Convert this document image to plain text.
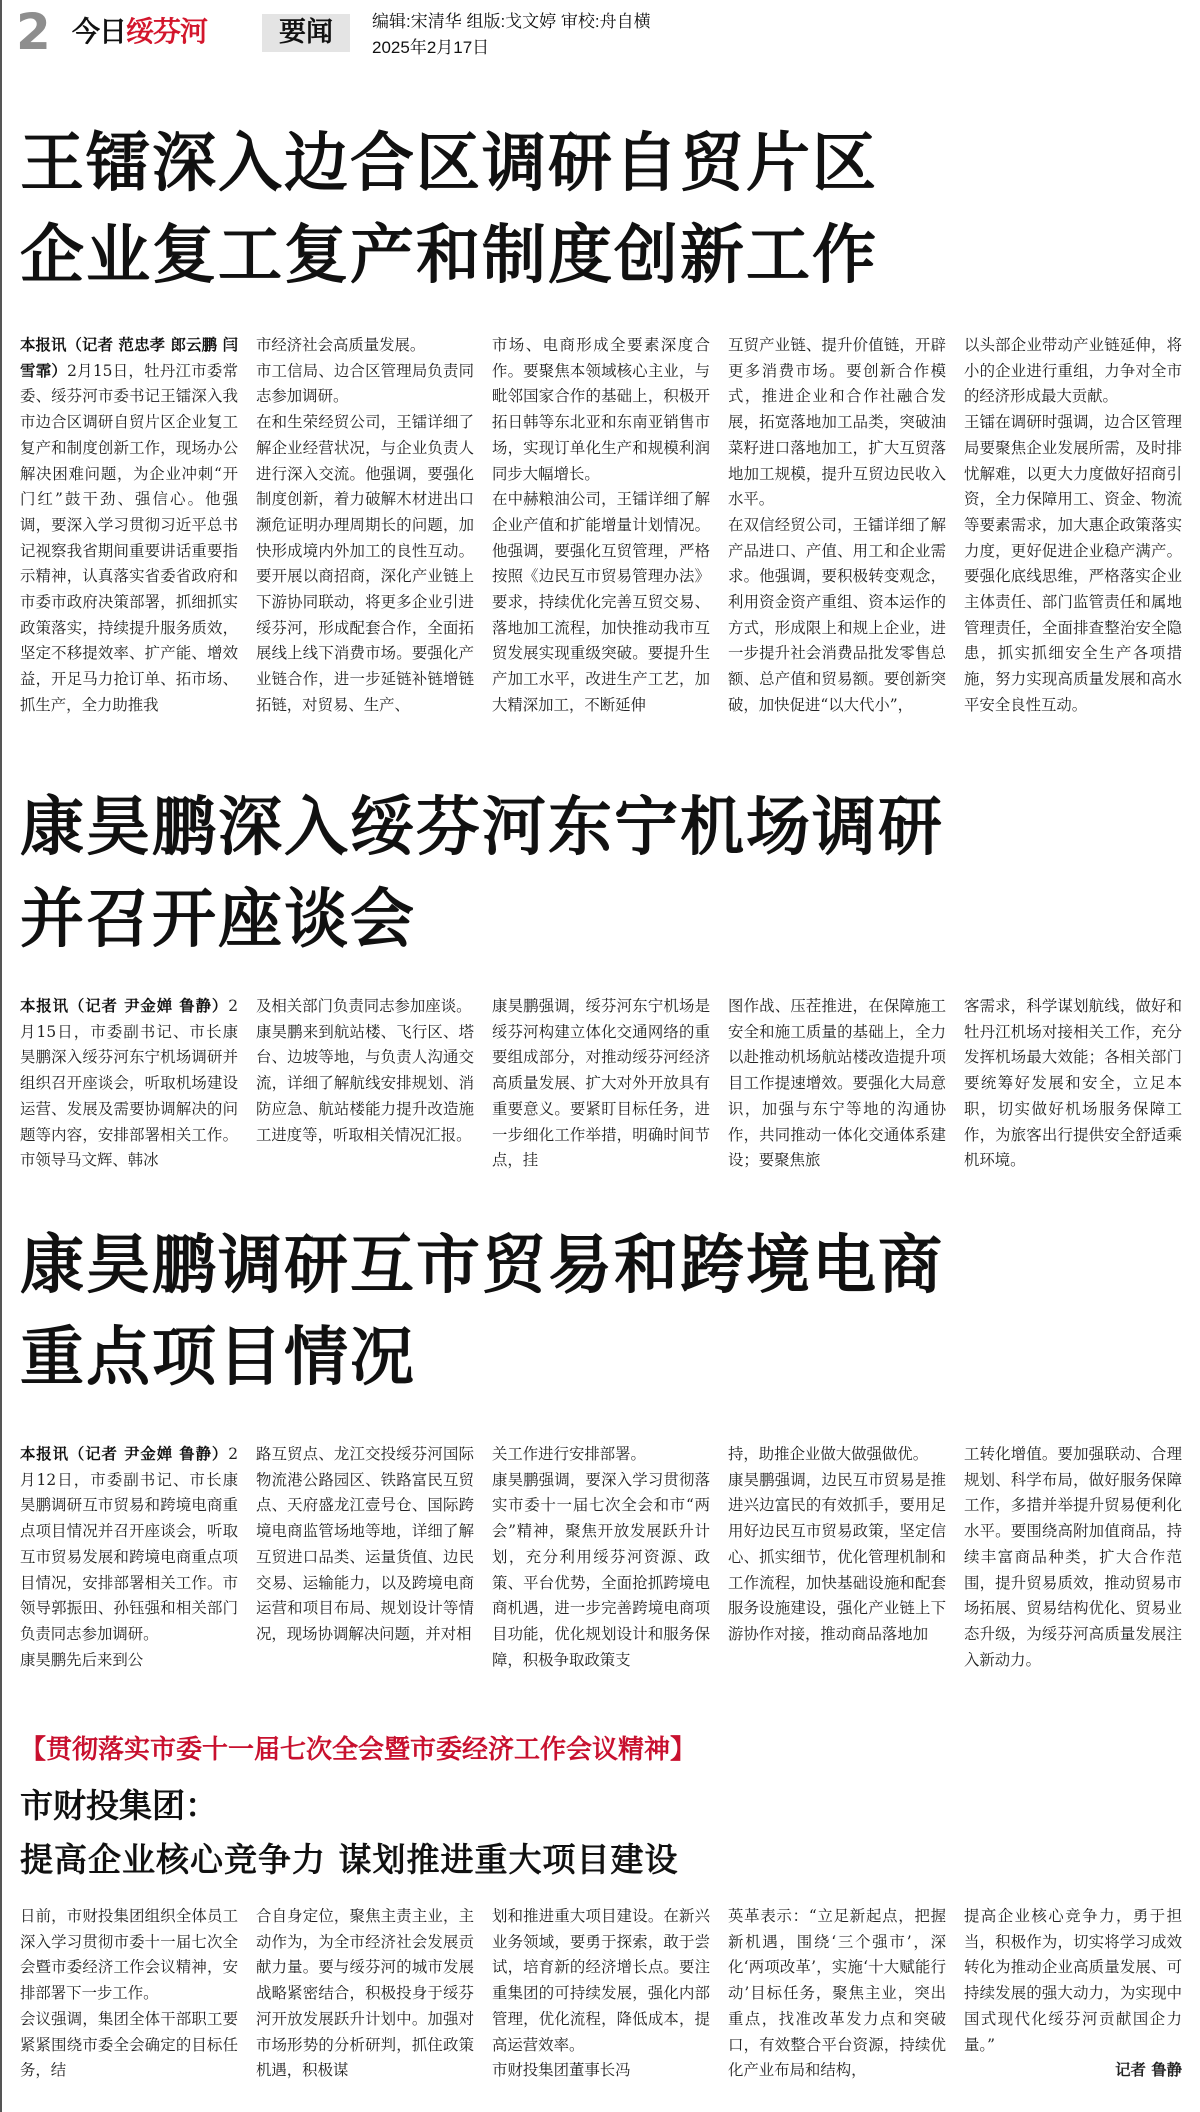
2 今日绥芬河	要闻	编辑:宋清华 组版:戈文婷 审校:舟自横
2025年2月17日
王镭深入边合区调研自贸片区
企业复工复产和制度创新工作

本报讯（记者 范忠孝 郎云鹏 闫雪霏）2月15日，牡丹江市委常委、绥芬河市委书记王镭深入我市边合区调研自贸片区企业复工复产和制度创新工作，现场办公解决困难问题，为企业冲刺“开门红”鼓干劲、强信心。他强调，要深入学习贯彻习近平总书记视察我省期间重要讲话重要指示精神，认真落实省委省政府和市委市政府决策部署，抓细抓实政策落实，持续提升服务质效，坚定不移提效率、扩产能、增效益，开足马力抢订单、拓市场、抓生产，全力助推我

市经济社会高质量发展。

市工信局、边合区管理局负责同志参加调研。

在和生荣经贸公司，王镭详细了解企业经营状况，与企业负责人进行深入交流。他强调，要强化制度创新，着力破解木材进出口濒危证明办理周期长的问题，加快形成境内外加工的良性互动。要开展以商招商，深化产业链上下游协同联动，将更多企业引进绥芬河，形成配套合作，全面拓展线上线下消费市场。要强化产业链合作，进一步延链补链增链拓链，对贸易、生产、

市场、电商形成全要素深度合作。要聚焦本领域核心主业，与毗邻国家合作的基础上，积极开拓日韩等东北亚和东南亚销售市场，实现订单化生产和规模利润同步大幅增长。

在中赫粮油公司，王镭详细了解企业产值和扩能增量计划情况。他强调，要强化互贸管理，严格按照《边民互市贸易管理办法》要求，持续优化完善互贸交易、落地加工流程，加快推动我市互贸发展实现重级突破。要提升生产加工水平，改进生产工艺，加大精深加工，不断延伸

互贸产业链、提升价值链，开辟更多消费市场。要创新合作模式，推进企业和合作社融合发展，拓宽落地加工品类，突破油菜籽进口落地加工，扩大互贸落地加工规模，提升互贸边民收入水平。

在双信经贸公司，王镭详细了解产品进口、产值、用工和企业需求。他强调，要积极转变观念，利用资金资产重组、资本运作的方式，形成限上和规上企业，进一步提升社会消费品批发零售总额、总产值和贸易额。要创新突破，加快促进“以大代小”，

以头部企业带动产业链延伸，将小的企业进行重组，力争对全市的经济形成最大贡献。

王镭在调研时强调，边合区管理局要聚焦企业发展所需，及时排忧解难，以更大力度做好招商引资，全力保障用工、资金、物流等要素需求，加大惠企政策落实力度，更好促进企业稳产满产。要强化底线思维，严格落实企业主体责任、部门监管责任和属地管理责任，全面排查整治安全隐患，抓实抓细安全生产各项措施，努力实现高质量发展和高水平安全良性互动。

康昊鹏深入绥芬河东宁机场调研
并召开座谈会

本报讯（记者 尹金婵 鲁静）2月15日，市委副书记、市长康昊鹏深入绥芬河东宁机场调研并组织召开座谈会，听取机场建设运营、发展及需要协调解决的问题等内容，安排部署相关工作。市领导马文辉、韩冰

及相关部门负责同志参加座谈。

康昊鹏来到航站楼、飞行区、塔台、边坡等地，与负责人沟通交流，详细了解航线安排规划、消防应急、航站楼能力提升改造施工进度等，听取相关情况汇报。

康昊鹏强调，绥芬河东宁机场是绥芬河构建立体化交通网络的重要组成部分，对推动绥芬河经济高质量发展、扩大对外开放具有重要意义。要紧盯目标任务，进一步细化工作举措，明确时间节点，挂

图作战、压茬推进，在保障施工安全和施工质量的基础上，全力以赴推动机场航站楼改造提升项目工作提速增效。要强化大局意识，加强与东宁等地的沟通协作，共同推动一体化交通体系建设；要聚焦旅

客需求，科学谋划航线，做好和牡丹江机场对接相关工作，充分发挥机场最大效能；各相关部门要统筹好发展和安全，立足本职，切实做好机场服务保障工作，为旅客出行提供安全舒适乘机环境。

康昊鹏调研互市贸易和跨境电商
重点项目情况

本报讯（记者 尹金婵 鲁静）2月12日，市委副书记、市长康昊鹏调研互市贸易和跨境电商重点项目情况并召开座谈会，听取互市贸易发展和跨境电商重点项目情况，安排部署相关工作。市领导郭振田、孙钰强和相关部门负责同志参加调研。

康昊鹏先后来到公

路互贸点、龙江交投绥芬河国际物流港公路园区、铁路富民互贸点、天府盛龙江壹号仓、国际跨境电商监管场地等地，详细了解互贸进口品类、运量货值、边民交易、运输能力，以及跨境电商运营和项目布局、规划设计等情况，现场协调解决问题，并对相

关工作进行安排部署。

康昊鹏强调，要深入学习贯彻落实市委十一届七次全会和市“两会”精神，聚焦开放发展跃升计划，充分利用绥芬河资源、政策、平台优势，全面抢抓跨境电商机遇，进一步完善跨境电商项目功能，优化规划设计和服务保障，积极争取政策支

持，助推企业做大做强做优。

康昊鹏强调，边民互市贸易是推进兴边富民的有效抓手，要用足用好边民互市贸易政策，坚定信心、抓实细节，优化管理机制和工作流程，加快基础设施和配套服务设施建设，强化产业链上下游协作对接，推动商品落地加

工转化增值。要加强联动、合理规划、科学布局，做好服务保障工作，多措并举提升贸易便利化水平。要围绕高附加值商品，持续丰富商品种类，扩大合作范围，提升贸易质效，推动贸易市场拓展、贸易结构优化、贸易业态升级，为绥芬河高质量发展注入新动力。

【贯彻落实市委十一届七次全会暨市委经济工作会议精神】
市财投集团：
提高企业核心竞争力 谋划推进重大项目建设

日前，市财投集团组织全体员工深入学习贯彻市委十一届七次全会暨市委经济工作会议精神，安排部署下一步工作。

会议强调，集团全体干部职工要紧紧围绕市委全会确定的目标任务，结

合自身定位，聚焦主责主业，主动作为，为全市经济社会发展贡献力量。要与绥芬河的城市发展战略紧密结合，积极投身于绥芬河开放发展跃升计划中。加强对市场形势的分析研判，抓住政策机遇，积极谋

划和推进重大项目建设。在新兴业务领域，要勇于探索，敢于尝试，培育新的经济增长点。要注重集团的可持续发展，强化内部管理，优化流程，降低成本，提高运营效率。

市财投集团董事长冯

英革表示：“立足新起点，把握新机遇，围绕‘三个强市’，深化‘两项改革’，实施‘十大赋能行动’目标任务，聚焦主业，突出重点，找准改革发力点和突破口，有效整合平台资源，持续优化产业布局和结构，

提高企业核心竞争力，勇于担当，积极作为，切实将学习成效转化为推动企业高质量发展、可持续发展的强大动力，为实现中国式现代化绥芬河贡献国企力量。”

记者 鲁静
